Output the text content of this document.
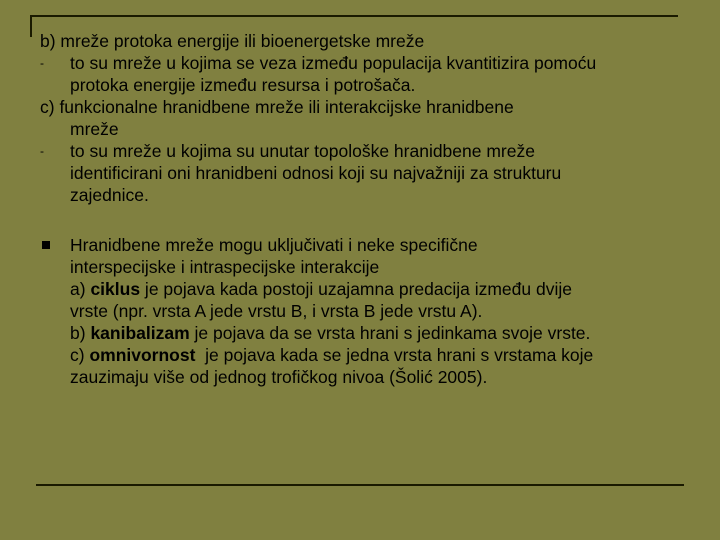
b) mreže protoka energije ili bioenergetske mreže
- to su mreže u kojima se veza između populacija kvantitizira pomoću
protoka energije između resursa i potrošača.
c) funkcionalne hranidbene mreže ili interakcijske hranidbene
mreže
- to su mreže u kojima su unutar topološke hranidbene mreže
identificirani oni hranidbeni odnosi koji su najvažniji za strukturu
zajednice.
Hranidbene mreže mogu uključivati i neke specifične
interspecijske i intraspecijske interakcije
a) ciklus je pojava kada postoji uzajamna predacija između dvije
vrste (npr. vrsta A jede vrstu B, i vrsta B jede vrstu A).
b) kanibalizam je pojava da se vrsta hrani s jedinkama svoje vrste.
c) omnivornost  je pojava kada se jedna vrsta hrani s vrstama koje
zauzimaju više od jednog trofičkog nivoa (Šolić 2005).
